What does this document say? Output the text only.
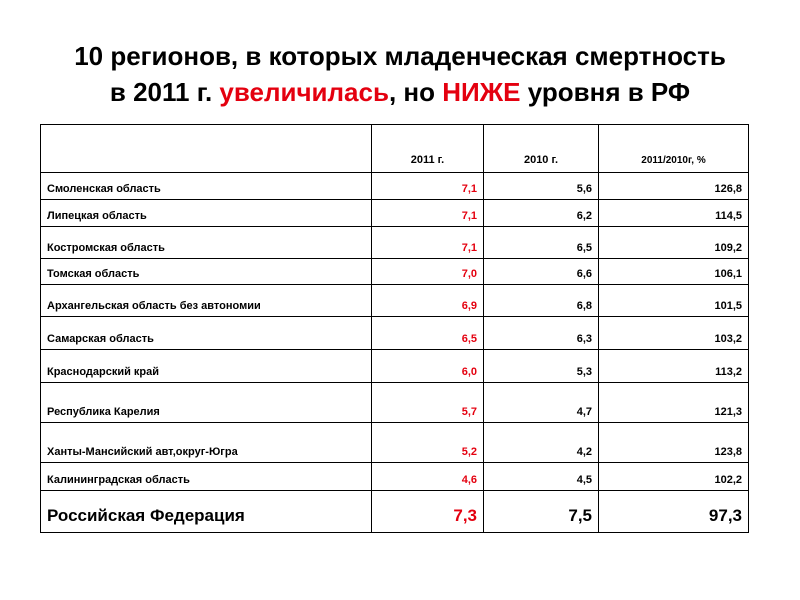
10 регионов, в которых младенческая смертность
в 2011 г. увеличилась, но НИЖЕ уровня в РФ
	2011 г.	2010 г.	2011/2010г, %
Смоленская область	7,1	5,6	126,8
Липецкая область	7,1	6,2	114,5
Костромская область	7,1	6,5	109,2
Томская область	7,0	6,6	106,1
Архангельская область без автономии	6,9	6,8	101,5
Самарская область	6,5	6,3	103,2
Краснодарский край	6,0	5,3	113,2
Республика Карелия	5,7	4,7	121,3
Ханты-Мансийский авт,округ-Югра	5,2	4,2	123,8
Калининградская область	4,6	4,5	102,2
Российская Федерация	7,3	7,5	97,3
